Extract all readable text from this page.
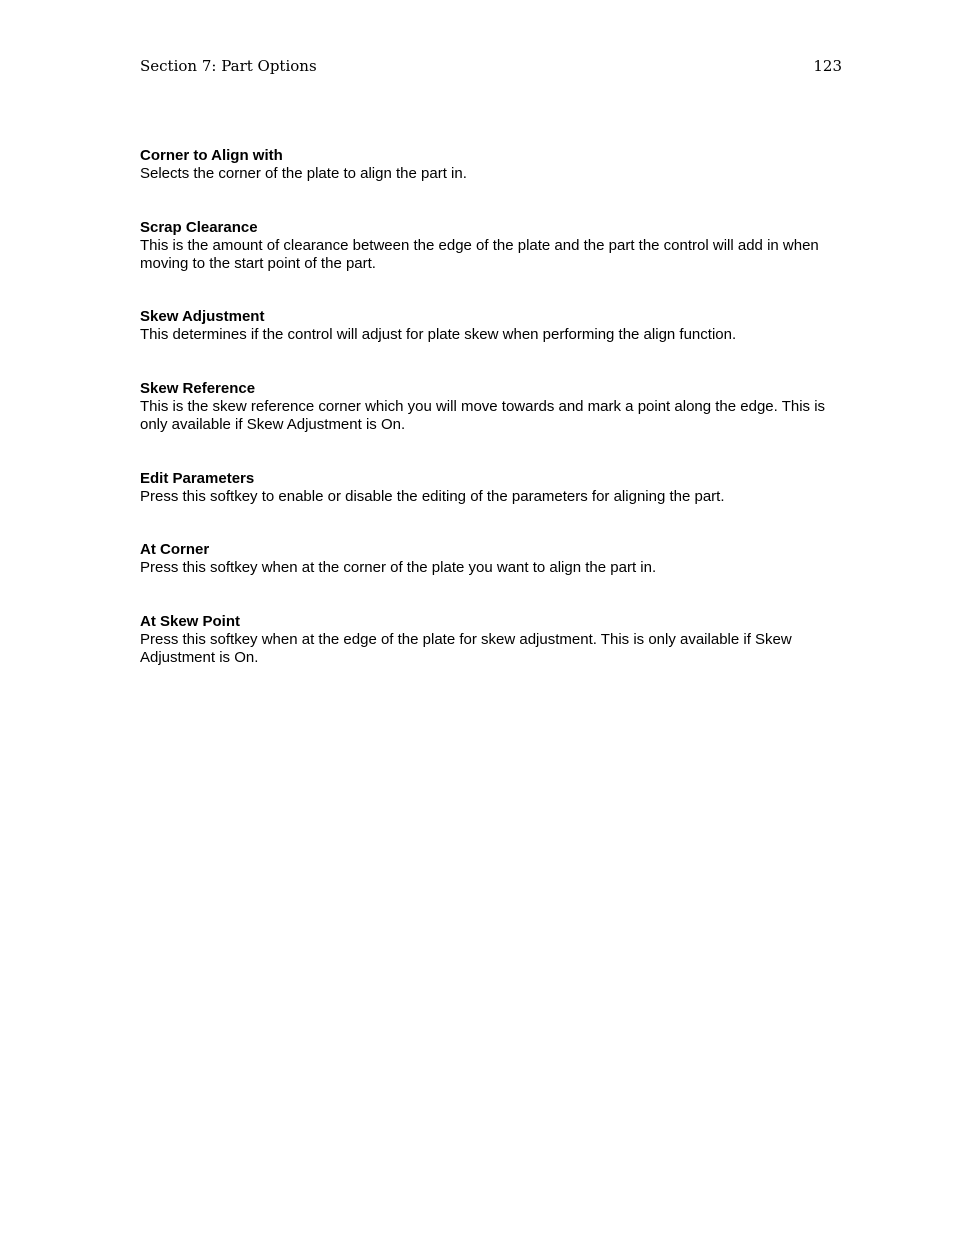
Section 7: Part Options	123
Corner to Align with
Selects the corner of the plate to align the part in.
Scrap Clearance
This is the amount of clearance between the edge of the plate and the part the control will add in when moving to the start point of the part.
Skew Adjustment
This determines if the control will adjust for plate skew when performing the align function.
Skew Reference
This is the skew reference corner which you will move towards and mark a point along the edge. This is only available if Skew Adjustment is On.
Edit Parameters
Press this softkey to enable or disable the editing of the parameters for aligning the part.
At Corner
Press this softkey when at the corner of the plate you want to align the part in.
At Skew Point
Press this softkey when at the edge of the plate for skew adjustment. This is only available if Skew Adjustment is On.
